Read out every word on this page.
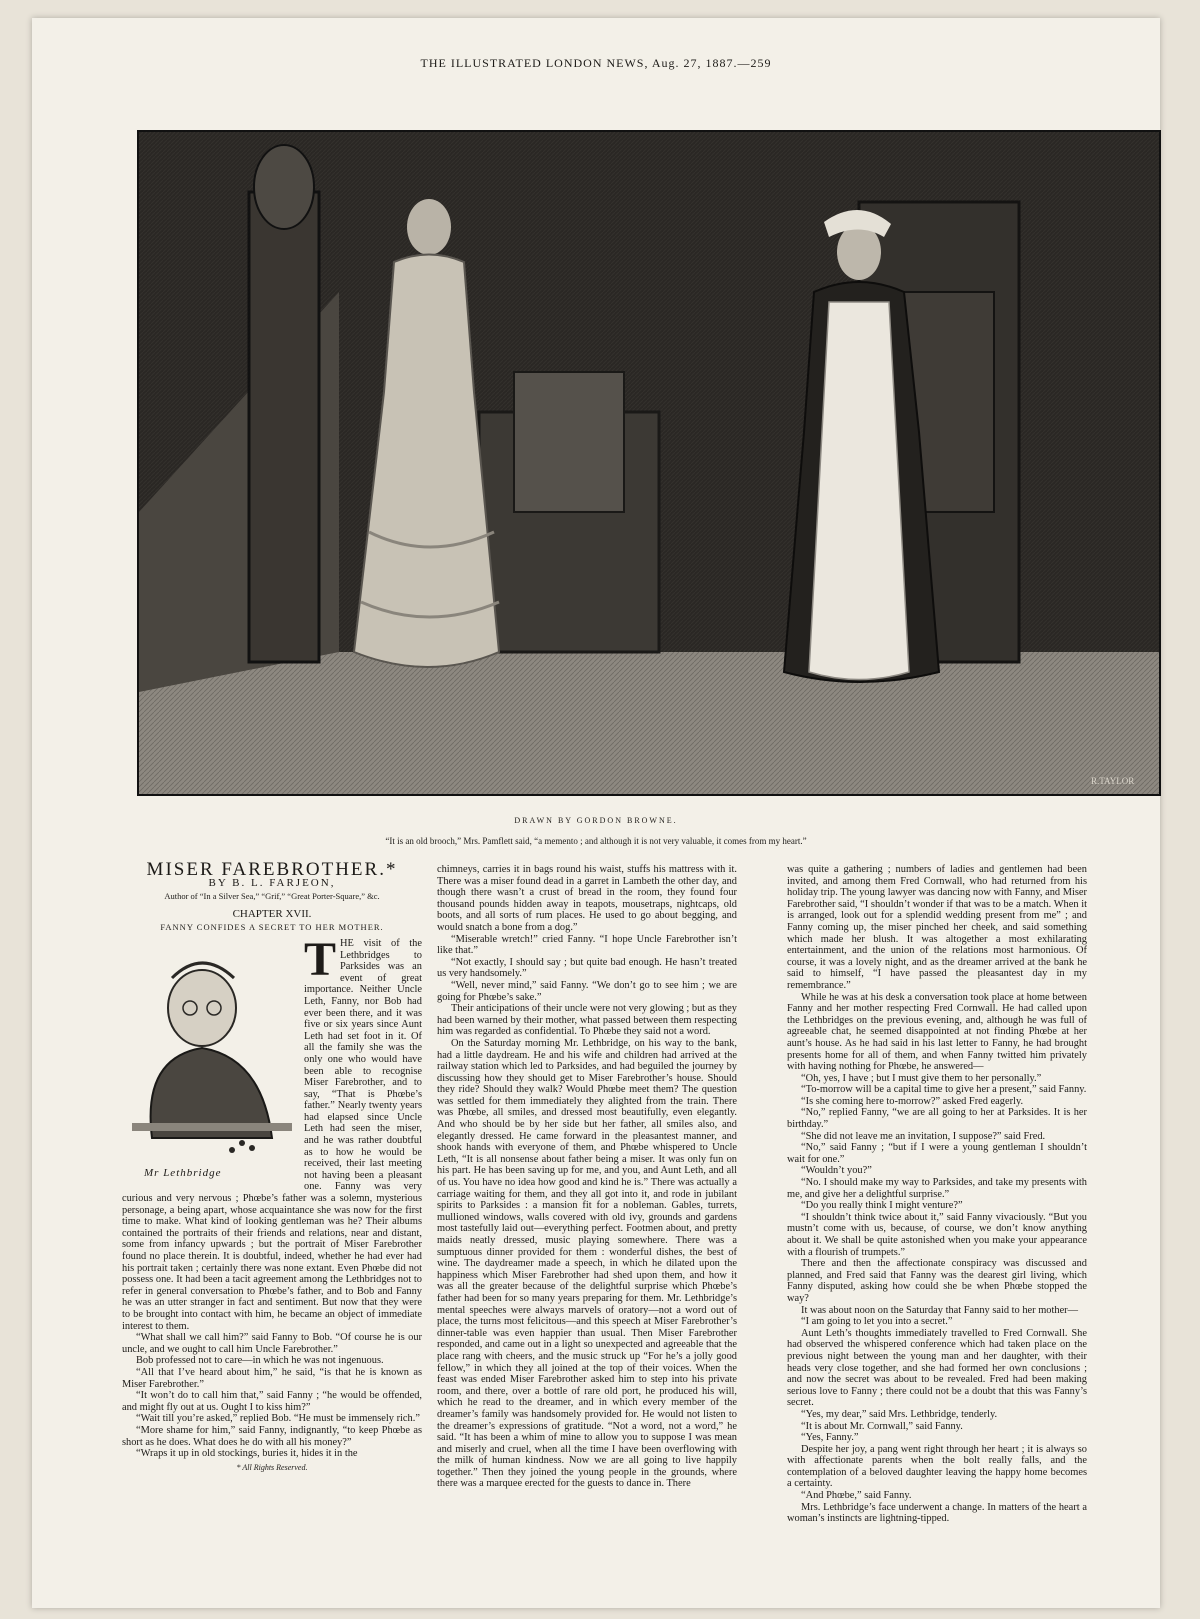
THE ILLUSTRATED LONDON NEWS, Aug. 27, 1887.—259
R.TAYLOR
DRAWN BY GORDON BROWNE.
“It is an old brooch,” Mrs. Pamflett said, “a memento ; and although it is not very valuable, it comes from my heart.”
MISER FAREBROTHER.*
BY B. L. FARJEON,
Author of “In a Silver Sea,” “Grif,” “Great Porter-Square,” &c.
CHAPTER XVII.
FANNY CONFIDES A SECRET TO HER MOTHER.
Mr Lethbridge

THE visit of the Lethbridges to Parksides was an event of great importance. Neither Uncle Leth, Fanny, nor Bob had ever been there, and it was five or six years since Aunt Leth had set foot in it. Of all the family she was the only one who would have been able to recognise Miser Farebrother, and to say, “That is Phœbe’s father.” Nearly twenty years had elapsed since Uncle Leth had seen the miser, and he was rather doubtful as to how he would be received, their last meeting not having been a pleasant one. Fanny was very curious and very nervous ; Phœbe’s father was a solemn, mysterious personage, a being apart, whose acquaintance she was now for the first time to make. What kind of looking gentleman was he? Their albums contained the portraits of their friends and relations, near and distant, some from infancy upwards ; but the portrait of Miser Farebrother found no place therein. It is doubtful, indeed, whether he had ever had his portrait taken ; certainly there was none extant. Even Phœbe did not possess one. It had been a tacit agreement among the Lethbridges not to refer in general conversation to Phœbe’s father, and to Bob and Fanny he was an utter stranger in fact and sentiment. But now that they were to be brought into contact with him, he became an object of immediate interest to them.

“What shall we call him?” said Fanny to Bob. “Of course he is our uncle, and we ought to call him Uncle Farebrother.”

Bob professed not to care—in which he was not ingenuous.

“All that I’ve heard about him,” he said, “is that he is known as Miser Farebrother.”

“It won’t do to call him that,” said Fanny ; “he would be offended, and might fly out at us. Ought I to kiss him?”

“Wait till you’re asked,” replied Bob. “He must be immensely rich.”

“More shame for him,” said Fanny, indignantly, “to keep Phœbe as short as he does. What does he do with all his money?”

“Wraps it up in old stockings, buries it, hides it in the

* All Rights Reserved.

chimneys, carries it in bags round his waist, stuffs his mattress with it. There was a miser found dead in a garret in Lambeth the other day, and though there wasn’t a crust of bread in the room, they found four thousand pounds hidden away in teapots, mousetraps, nightcaps, old boots, and all sorts of rum places. He used to go about begging, and would snatch a bone from a dog.”

“Miserable wretch!” cried Fanny. “I hope Uncle Farebrother isn’t like that.”

“Not exactly, I should say ; but quite bad enough. He hasn’t treated us very handsomely.”

“Well, never mind,” said Fanny. “We don’t go to see him ; we are going for Phœbe’s sake.”

Their anticipations of their uncle were not very glowing ; but as they had been warned by their mother, what passed between them respecting him was regarded as confidential. To Phœbe they said not a word.

On the Saturday morning Mr. Lethbridge, on his way to the bank, had a little daydream. He and his wife and children had arrived at the railway station which led to Parksides, and had beguiled the journey by discussing how they should get to Miser Farebrother’s house. Should they ride? Should they walk? Would Phœbe meet them? The question was settled for them immediately they alighted from the train. There was Phœbe, all smiles, and dressed most beautifully, even elegantly. And who should be by her side but her father, all smiles also, and elegantly dressed. He came forward in the pleasantest manner, and shook hands with everyone of them, and Phœbe whispered to Uncle Leth, “It is all nonsense about father being a miser. It was only fun on his part. He has been saving up for me, and you, and Aunt Leth, and all of us. You have no idea how good and kind he is.” There was actually a carriage waiting for them, and they all got into it, and rode in jubilant spirits to Parksides : a mansion fit for a nobleman. Gables, turrets, mullioned windows, walls covered with old ivy, grounds and gardens most tastefully laid out—everything perfect. Footmen about, and pretty maids neatly dressed, music playing somewhere. There was a sumptuous dinner provided for them : wonderful dishes, the best of wine. The daydreamer made a speech, in which he dilated upon the happiness which Miser Farebrother had shed upon them, and how it was all the greater because of the delightful surprise which Phœbe’s father had been for so many years preparing for them. Mr. Lethbridge’s mental speeches were always marvels of oratory—not a word out of place, the turns most felicitous—and this speech at Miser Farebrother’s dinner-table was even happier than usual. Then Miser Farebrother responded, and came out in a light so unexpected and agreeable that the place rang with cheers, and the music struck up “For he’s a jolly good fellow,” in which they all joined at the top of their voices. When the feast was ended Miser Farebrother asked him to step into his private room, and there, over a bottle of rare old port, he produced his will, which he read to the dreamer, and in which every member of the dreamer’s family was handsomely provided for. He would not listen to the dreamer’s expressions of gratitude. “Not a word, not a word,” he said. “It has been a whim of mine to allow you to suppose I was mean and miserly and cruel, when all the time I have been overflowing with the milk of human kindness. Now we are all going to live happily together.” Then they joined the young people in the grounds, where there was a marquee erected for the guests to dance in. There

was quite a gathering ; numbers of ladies and gentlemen had been invited, and among them Fred Cornwall, who had returned from his holiday trip. The young lawyer was dancing now with Fanny, and Miser Farebrother said, “I shouldn’t wonder if that was to be a match. When it is arranged, look out for a splendid wedding present from me” ; and Fanny coming up, the miser pinched her cheek, and said something which made her blush. It was altogether a most exhilarating entertainment, and the union of the relations most harmonious. Of course, it was a lovely night, and as the dreamer arrived at the bank he said to himself, “I have passed the pleasantest day in my remembrance.”

While he was at his desk a conversation took place at home between Fanny and her mother respecting Fred Cornwall. He had called upon the Lethbridges on the previous evening, and, although he was full of agreeable chat, he seemed disappointed at not finding Phœbe at her aunt’s house. As he had said in his last letter to Fanny, he had brought presents home for all of them, and when Fanny twitted him privately with having nothing for Phœbe, he answered—

“Oh, yes, I have ; but I must give them to her personally.”

“To-morrow will be a capital time to give her a present,” said Fanny.

“Is she coming here to-morrow?” asked Fred eagerly.

“No,” replied Fanny, “we are all going to her at Parksides. It is her birthday.”

“She did not leave me an invitation, I suppose?” said Fred.

“No,” said Fanny ; “but if I were a young gentleman I shouldn’t wait for one.”

“Wouldn’t you?”

“No. I should make my way to Parksides, and take my presents with me, and give her a delightful surprise.”

“Do you really think I might venture?”

“I shouldn’t think twice about it,” said Fanny vivaciously. “But you mustn’t come with us, because, of course, we don’t know anything about it. We shall be quite astonished when you make your appearance with a flourish of trumpets.”

There and then the affectionate conspiracy was discussed and planned, and Fred said that Fanny was the dearest girl living, which Fanny disputed, asking how could she be when Phœbe stopped the way?

It was about noon on the Saturday that Fanny said to her mother—

“I am going to let you into a secret.”

Aunt Leth’s thoughts immediately travelled to Fred Cornwall. She had observed the whispered conference which had taken place on the previous night between the young man and her daughter, with their heads very close together, and she had formed her own conclusions ; and now the secret was about to be revealed. Fred had been making serious love to Fanny ; there could not be a doubt that this was Fanny’s secret.

“Yes, my dear,” said Mrs. Lethbridge, tenderly.

“It is about Mr. Cornwall,” said Fanny.

“Yes, Fanny.”

Despite her joy, a pang went right through her heart ; it is always so with affectionate parents when the bolt really falls, and the contemplation of a beloved daughter leaving the happy home becomes a certainty.

“And Phœbe,” said Fanny.

Mrs. Lethbridge’s face underwent a change. In matters of the heart a woman’s instincts are lightning-tipped.
